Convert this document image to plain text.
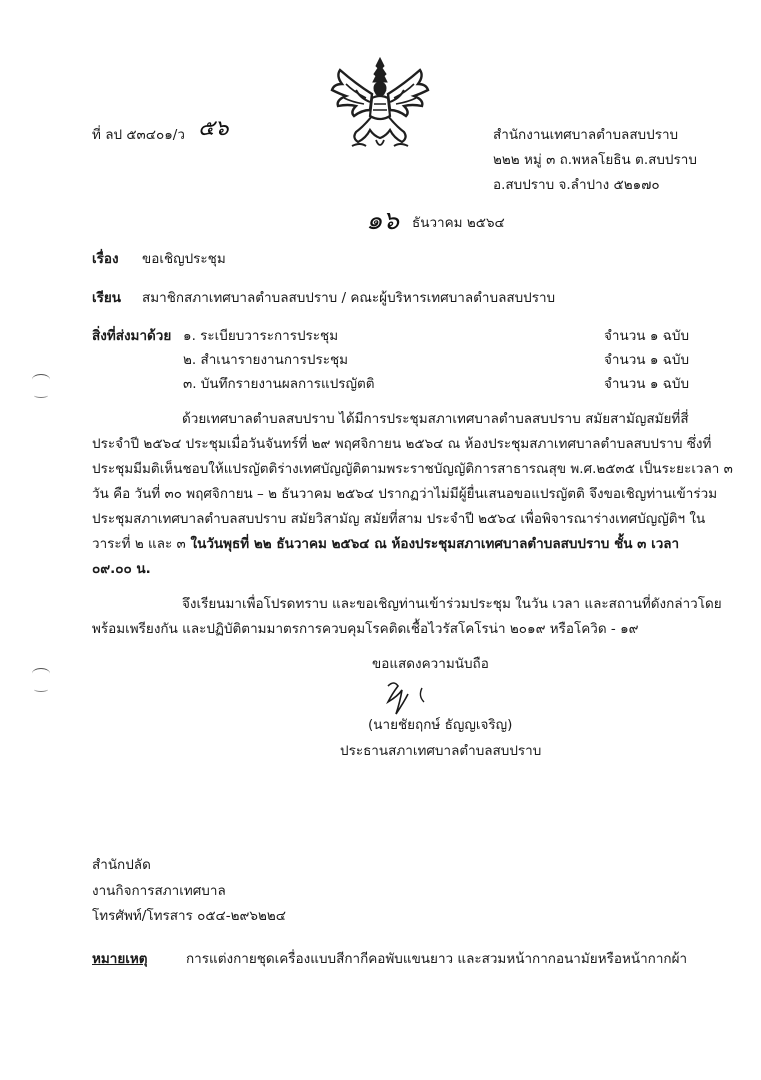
ที่ ลป ๕๓๔๐๑/ว ๕๖	สำนักงานเทศบาลตำบลสบปราบ
๒๒๒ หมู่ ๓ ถ.พหลโยธิน ต.สบปราบ
อ.สบปราบ จ.ลำปาง ๕๒๑๗๐
๑๖ ธันวาคม ๒๕๖๔
เรื่อง ขอเชิญประชุม
เรียน สมาชิกสภาเทศบาลตำบลสบปราบ / คณะผู้บริหารเทศบาลตำบลสบปราบ
สิ่งที่ส่งมาด้วย ๑. ระเบียบวาระการประชุม	จำนวน ๑ ฉบับ
๒. สำเนารายงานการประชุม	จำนวน ๑ ฉบับ
๓. บันทึกรายงานผลการแปรญัตติ	จำนวน ๑ ฉบับ
ด้วยเทศบาลตำบลสบปราบ ได้มีการประชุมสภาเทศบาลตำบลสบปราบ สมัยสามัญสมัยที่สี่
ประจำปี ๒๕๖๔ ประชุมเมื่อวันจันทร์ที่ ๒๙ พฤศจิกายน ๒๕๖๔ ณ ห้องประชุมสภาเทศบาลตำบลสบปราบ ซึ่งที่
ประชุมมีมติเห็นชอบให้แปรญัตติร่างเทศบัญญัติตามพระราชบัญญัติการสาธารณสุข พ.ศ.๒๕๓๕ เป็นระยะเวลา ๓
วัน คือ วันที่ ๓๐ พฤศจิกายน – ๒ ธันวาคม ๒๕๖๔ ปรากฏว่าไม่มีผู้ยื่นเสนอขอแปรญัตติ จึงขอเชิญท่านเข้าร่วม
ประชุมสภาเทศบาลตำบลสบปราบ สมัยวิสามัญ สมัยที่สาม ประจำปี ๒๕๖๔ เพื่อพิจารณาร่างเทศบัญญัติฯ ใน
วาระที่ ๒ และ ๓ ในวันพุธที่ ๒๒ ธันวาคม ๒๕๖๔ ณ ห้องประชุมสภาเทศบาลตำบลสบปราบ ชั้น ๓ เวลา
๐๙.๐๐ น.
จึงเรียนมาเพื่อโปรดทราบ และขอเชิญท่านเข้าร่วมประชุม ในวัน เวลา และสถานที่ดังกล่าวโดย
พร้อมเพรียงกัน และปฏิบัติตามมาตรการควบคุมโรคติดเชื้อไวรัสโคโรน่า ๒๐๑๙ หรือโควิด - ๑๙
ขอแสดงความนับถือ
(นายชัยฤกษ์ ธัญญเจริญ)
ประธานสภาเทศบาลตำบลสบปราบ
สำนักปลัด
งานกิจการสภาเทศบาล
โทรศัพท์/โทรสาร ๐๕๔-๒๙๖๒๒๔
หมายเหตุ	การแต่งกายชุดเครื่องแบบสีกากีคอพับแขนยาว และสวมหน้ากากอนามัยหรือหน้ากากผ้า
